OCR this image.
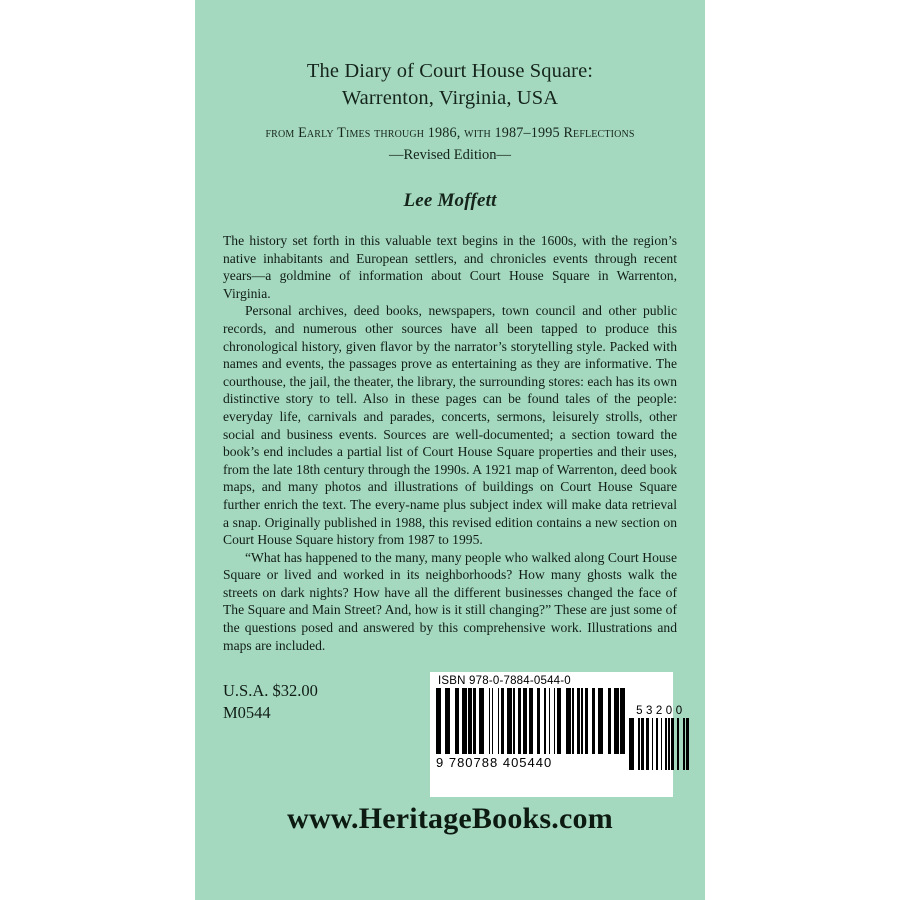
The Diary of Court House Square:
Warrenton, Virginia, USA
from Early Times through 1986, with 1987–1995 Reflections
—Revised Edition—
Lee Moffett

The history set forth in this valuable text begins in the 1600s, with the region’s native inhabitants and European settlers, and chronicles events through recent years—a goldmine of information about Court House Square in Warrenton, Virginia.

Personal archives, deed books, newspapers, town council and other public records, and numerous other sources have all been tapped to produce this chronological history, given flavor by the narrator’s storytelling style. Packed with names and events, the passages prove as entertaining as they are informative. The courthouse, the jail, the theater, the library, the surrounding stores: each has its own distinctive story to tell. Also in these pages can be found tales of the people: everyday life, carnivals and parades, concerts, sermons, leisurely strolls, other social and business events. Sources are well-documented; a section toward the book’s end includes a partial list of Court House Square properties and their uses, from the late 18th century through the 1990s. A 1921 map of Warrenton, deed book maps, and many photos and illustrations of buildings on Court House Square further enrich the text. The every-name plus subject index will make data retrieval a snap. Originally published in 1988, this revised edition contains a new section on Court House Square history from 1987 to 1995.

“What has happened to the many, many people who walked along Court House Square or lived and worked in its neighborhoods? How many ghosts walk the streets on dark nights? How have all the different businesses changed the face of The Square and Main Street? And, how is it still changing?” These are just some of the questions posed and answered by this comprehensive work. Illustrations and maps are included.

U.S.A. $32.00
M0544
ISBN 978-0-7884-0544-0
9 780788 405440
53200
www.HeritageBooks.com
